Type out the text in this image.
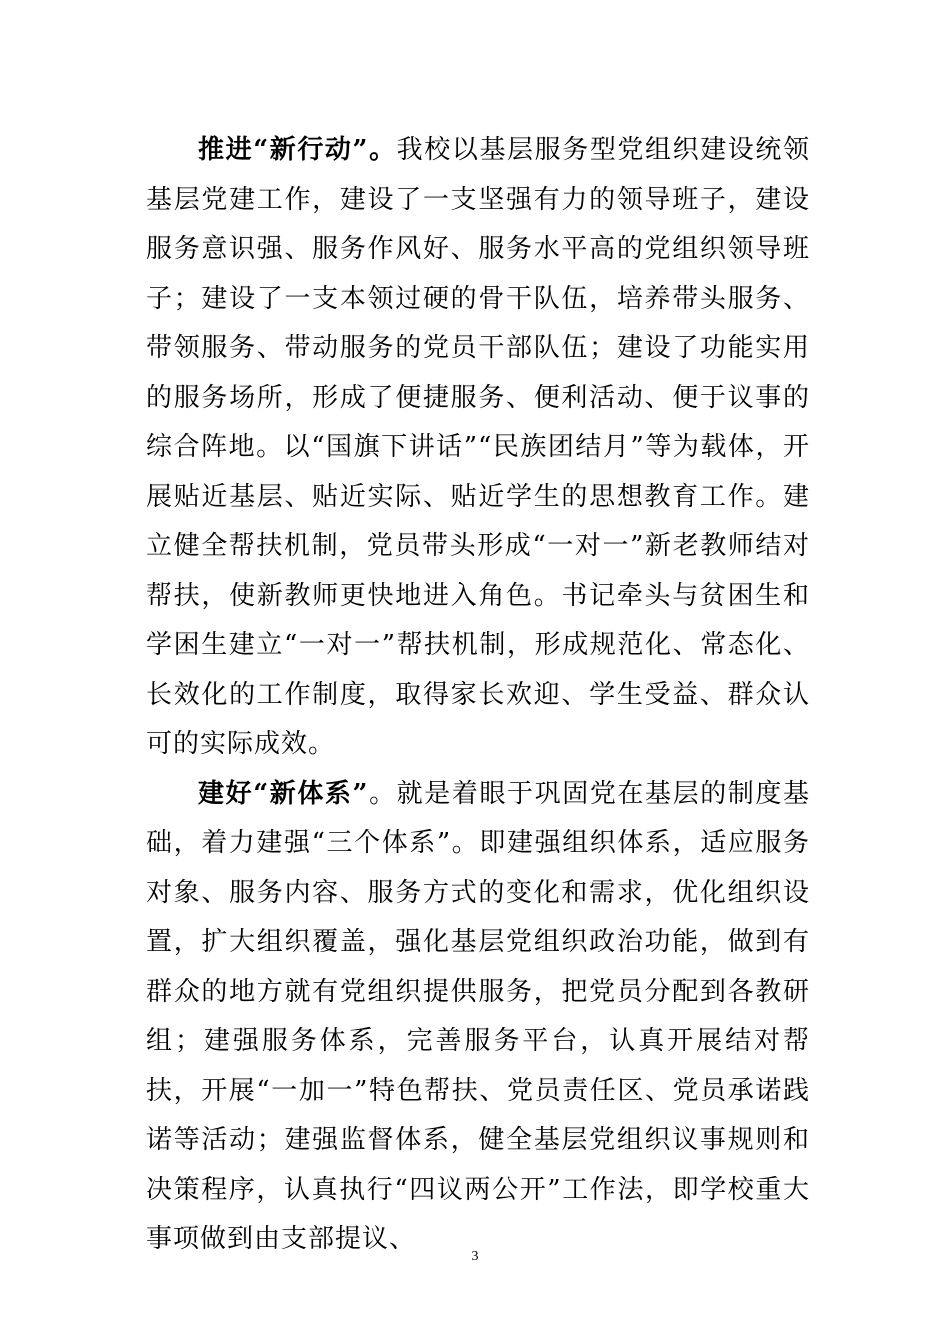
推进“新行动”。我校以基层服务型党组织建设统领基层党建工作，建设了一支坚强有力的领导班子，建设服务意识强、服务作风好、服务水平高的党组织领导班子；建设了一支本领过硬的骨干队伍，培养带头服务、带领服务、带动服务的党员干部队伍；建设了功能实用的服务场所，形成了便捷服务、便利活动、便于议事的综合阵地。以“国旗下讲话”“民族团结月”等为载体，开展贴近基层、贴近实际、贴近学生的思想教育工作。建立健全帮扶机制，党员带头形成“一对一”新老教师结对帮扶，使新教师更快地进入角色。书记牵头与贫困生和学困生建立“一对一”帮扶机制，形成规范化、常态化、长效化的工作制度，取得家长欢迎、学生受益、群众认可的实际成效。

建好“新体系”。就是着眼于巩固党在基层的制度基础，着力建强“三个体系”。即建强组织体系，适应服务对象、服务内容、服务方式的变化和需求，优化组织设置，扩大组织覆盖，强化基层党组织政治功能，做到有群众的地方就有党组织提供服务，把党员分配到各教研组；建强服务体系，完善服务平台，认真开展结对帮扶，开展“一加一”特色帮扶、党员责任区、党员承诺践诺等活动；建强监督体系，健全基层党组织议事规则和决策程序，认真执行“四议两公开”工作法，即学校重大事项做到由支部提议、

3
